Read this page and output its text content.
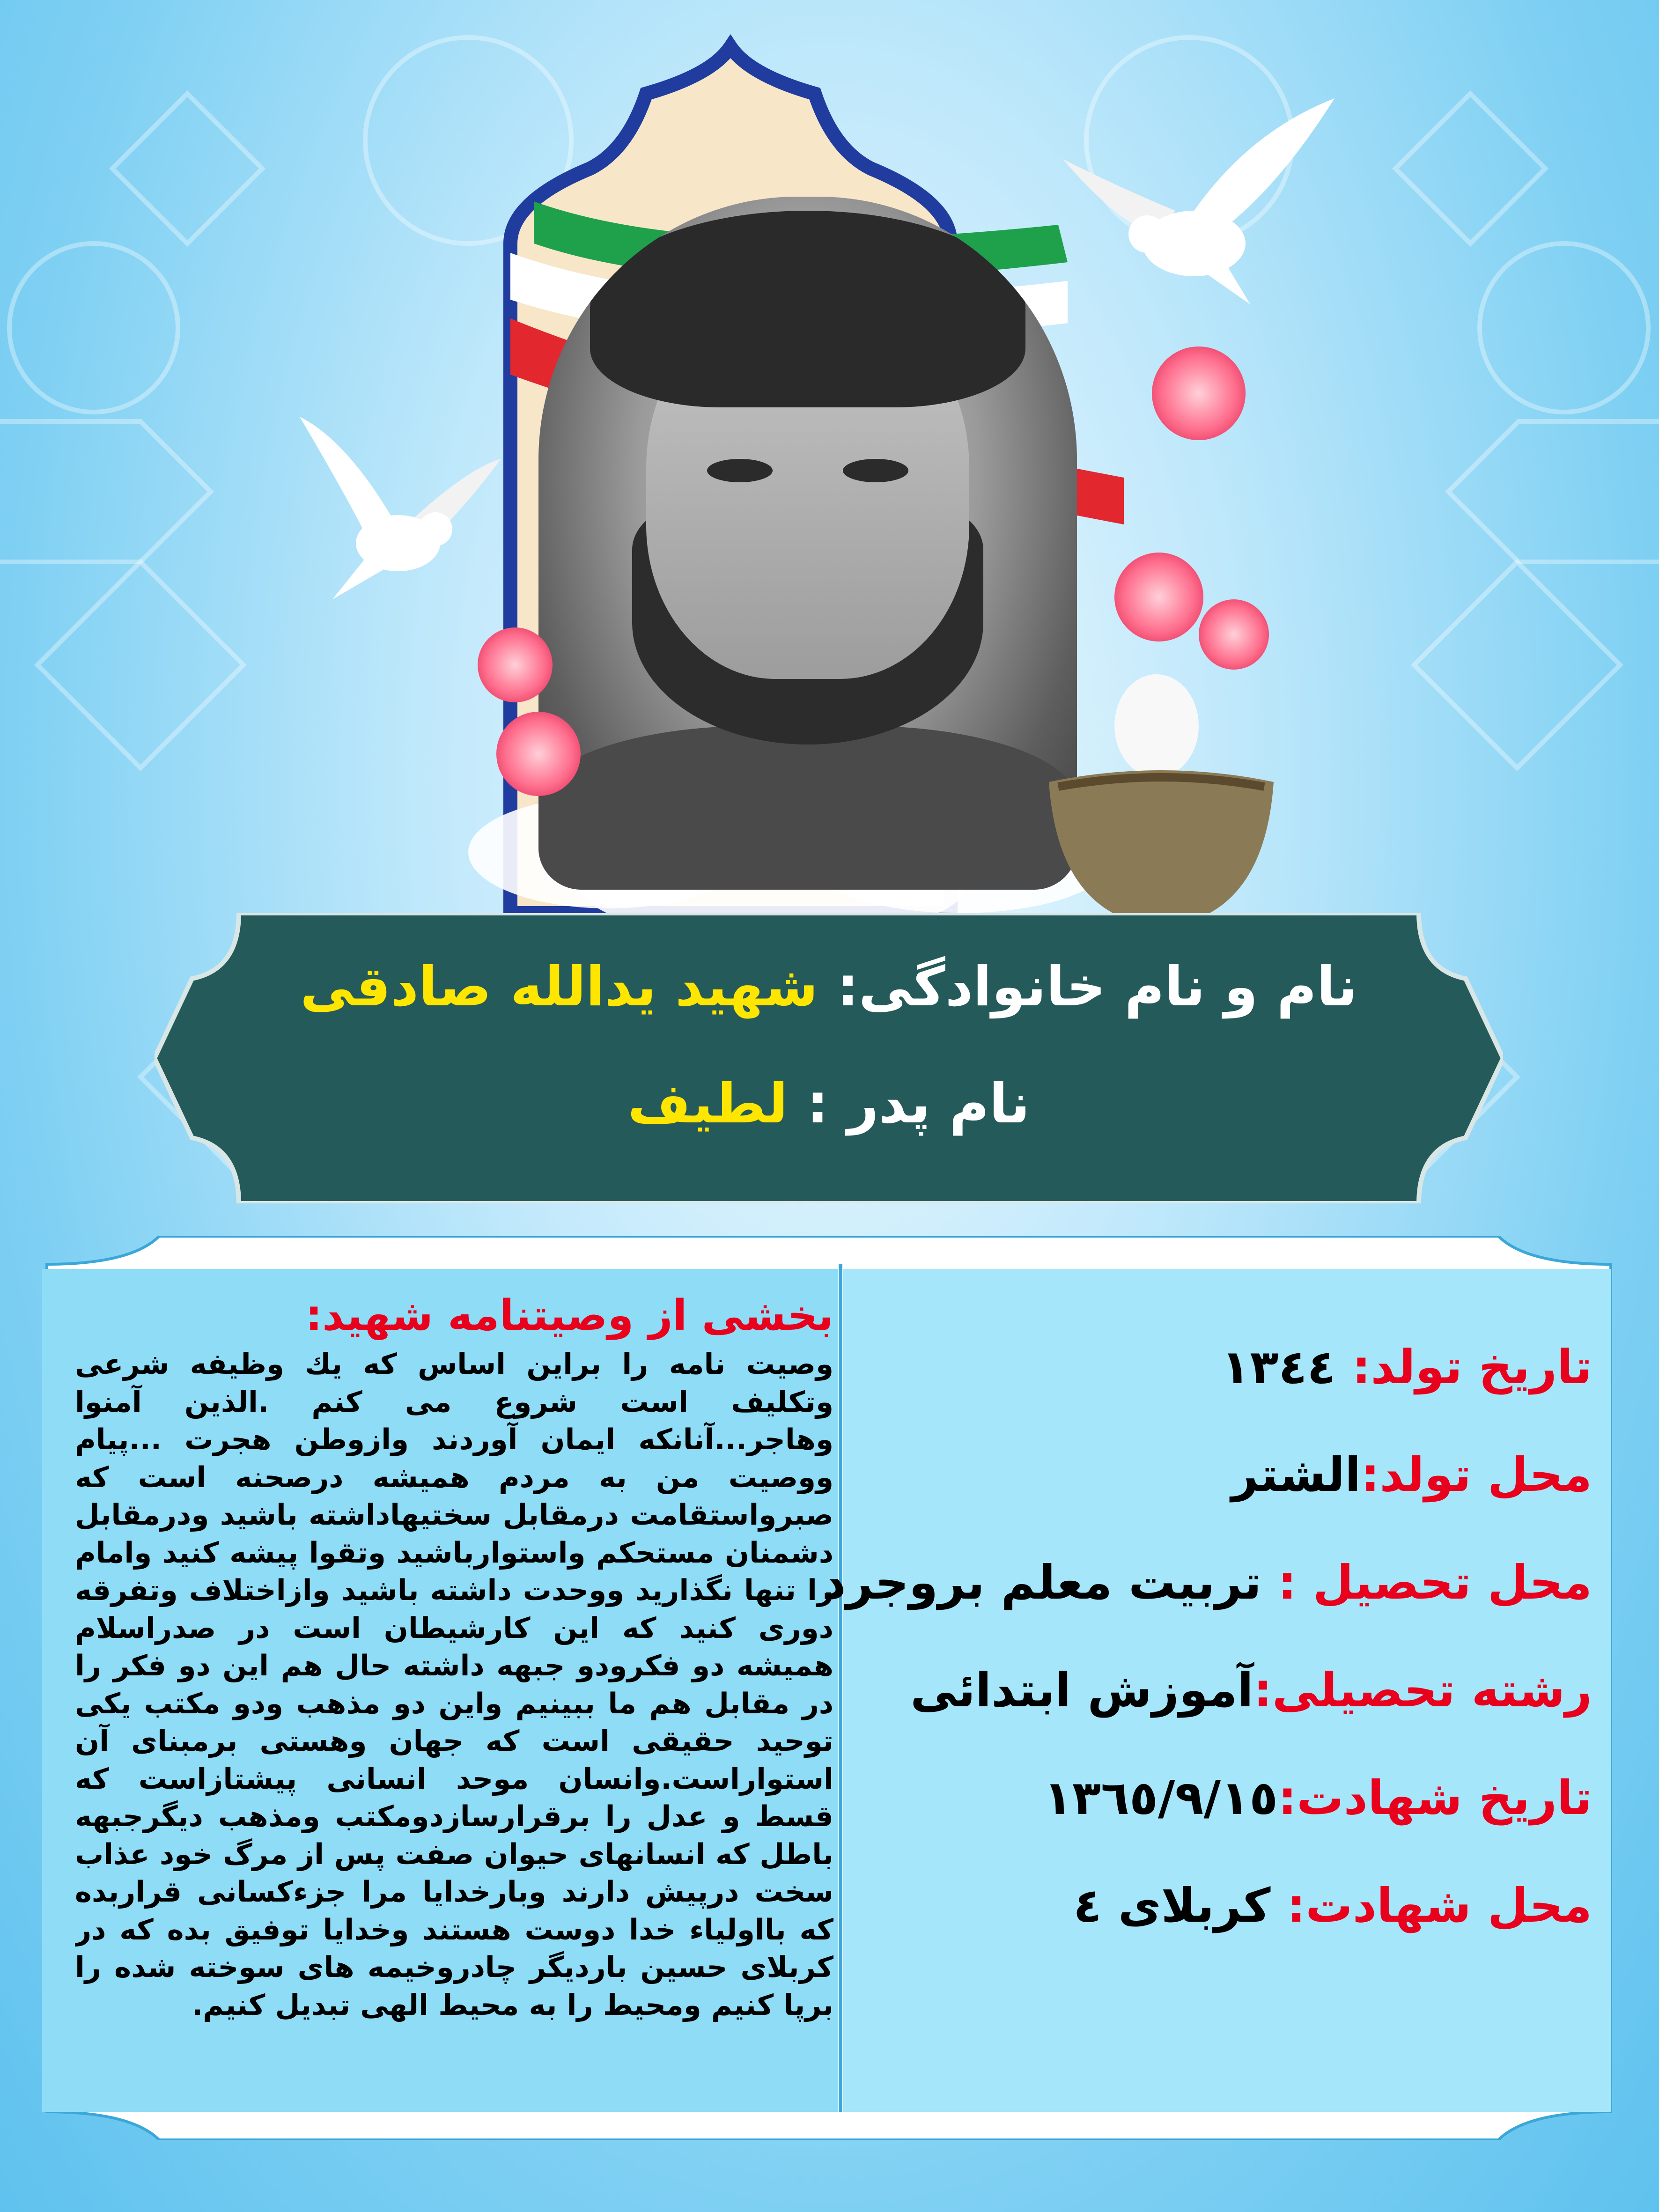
نام و نام خانوادگی: شهید یدالله صادقی
نام پدر : لطیف

بخشی از وصیتنامه شهید:

وصیت نامه را براین اساس که یك وظیفه شرعی وتکلیف است شروع می کنم .الذین آمنوا وهاجر...آنانکه ایمان آوردند وازوطن هجرت ...پیام ووصیت من به مردم همیشه درصحنه است که صبرواستقامت درمقابل سختیهاداشته باشید ودرمقابل دشمنان مستحکم واستوارباشید وتقوا پیشه کنید وامام را تنها نگذارید ووحدت داشته باشید وازاختلاف وتفرقه دوری کنید که این کارشیطان است در صدراسلام همیشه دو فکرودو جبهه داشته حال هم این دو فکر را در مقابل هم ما ببینیم واین دو مذهب ودو مکتب یکی توحید حقیقی است که جهان وهستی برمبنای آن استواراست.وانسان موحد انسانی پیشتازاست که قسط و عدل را برقرارسازدومکتب ومذهب دیگرجبهه باطل که انسانهای حیوان صفت پس از مرگ خود عذاب سخت درپیش دارند وبارخدایا مرا جزءکسانی قراربده که بااولیاء خدا دوست هستند وخدایا توفیق بده که در کربلای حسین باردیگر چادروخیمه های سوخته شده را برپا کنیم ومحیط را به محیط الهی تبدیل کنیم.

تاریخ تولد: ١٣٤٤
محل تولد:الشتر
محل تحصیل : تربیت معلم بروجرد
رشته تحصیلی:آموزش ابتدائی
تاریخ شهادت:١٣٦٥/٩/١٥
محل شهادت: کربلای ٤
